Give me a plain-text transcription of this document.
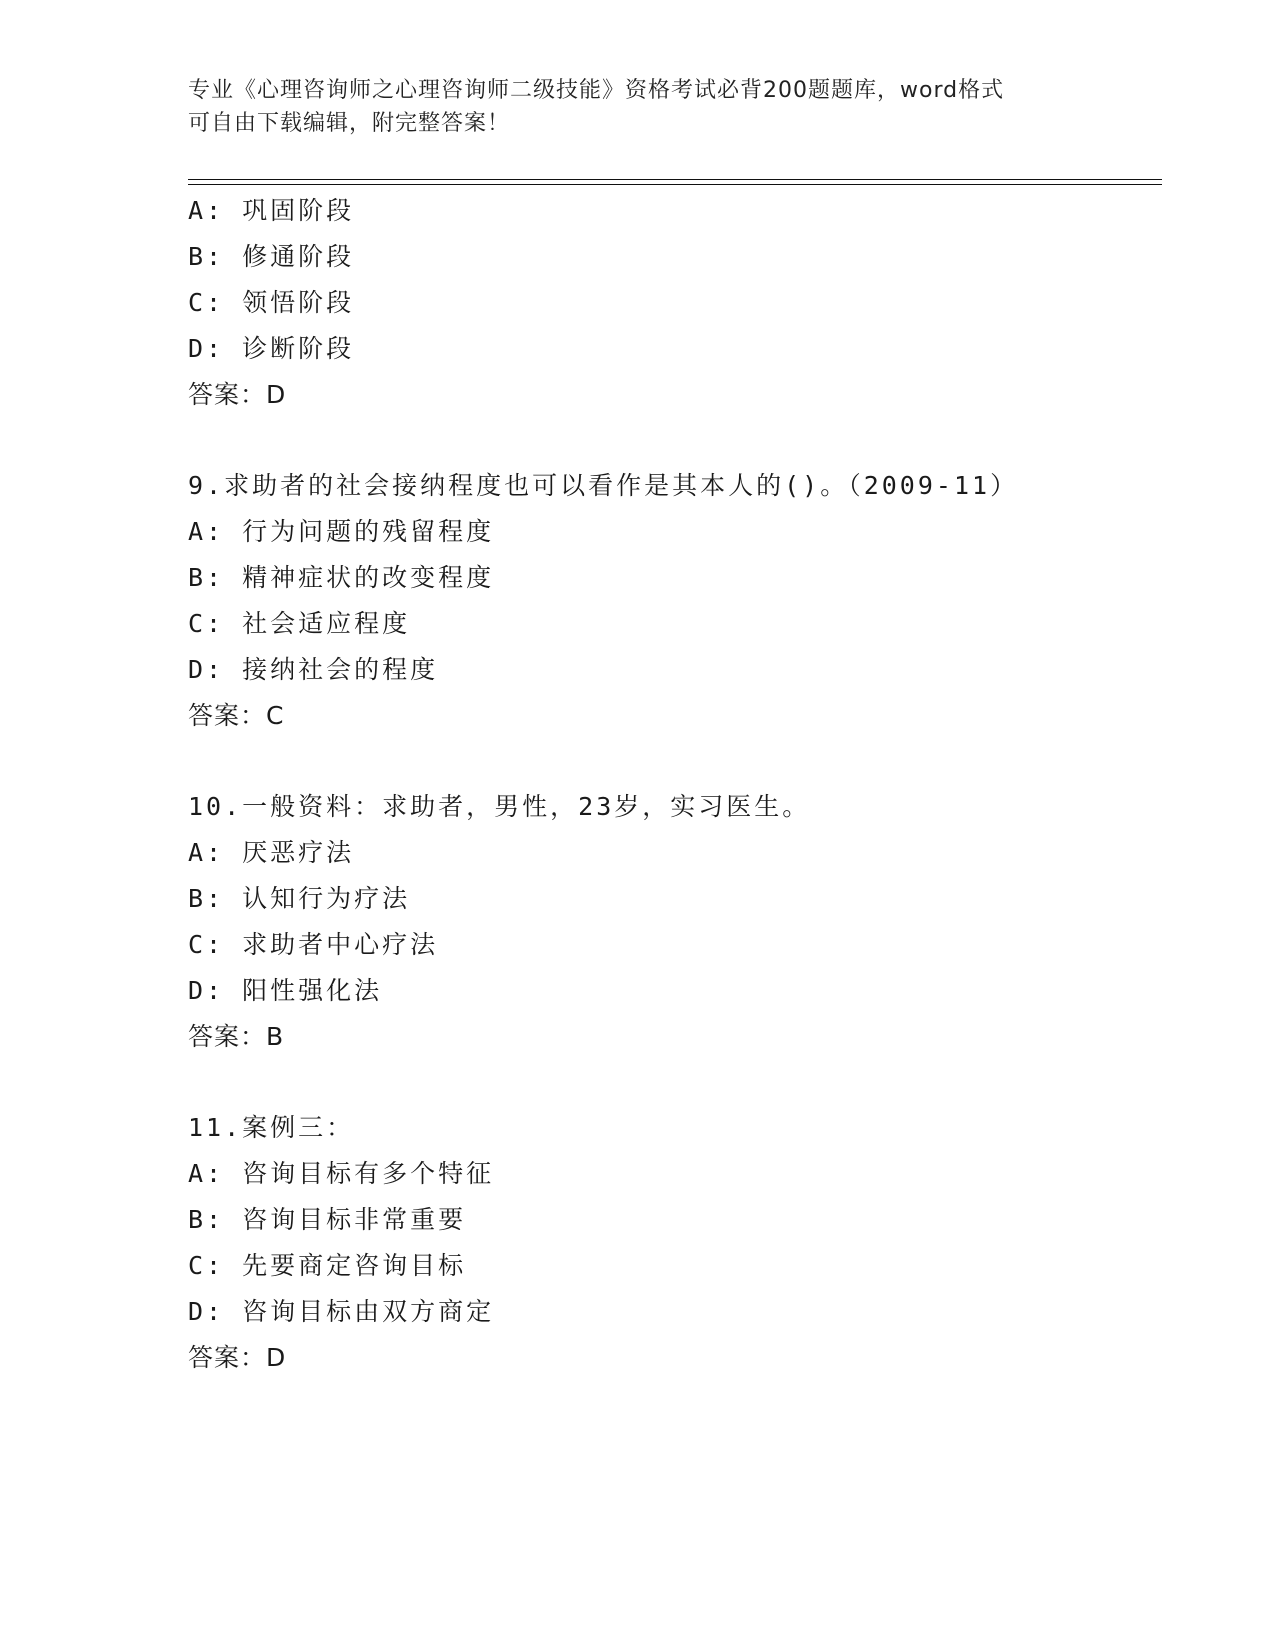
专业《心理咨询师之心理咨询师二级技能》资格考试必背200题题库，word格式
可自由下载编辑，附完整答案！
A: 巩固阶段
B: 修通阶段
C: 领悟阶段
D: 诊断阶段
答案：D
9.求助者的社会接纳程度也可以看作是其本人的()。（2009-11）
A: 行为问题的残留程度
B: 精神症状的改变程度
C: 社会适应程度
D: 接纳社会的程度
答案：C
10.一般资料：求助者，男性，23岁，实习医生。
A: 厌恶疗法
B: 认知行为疗法
C: 求助者中心疗法
D: 阳性强化法
答案：B
11.案例三：
A: 咨询目标有多个特征
B: 咨询目标非常重要
C: 先要商定咨询目标
D: 咨询目标由双方商定
答案：D
